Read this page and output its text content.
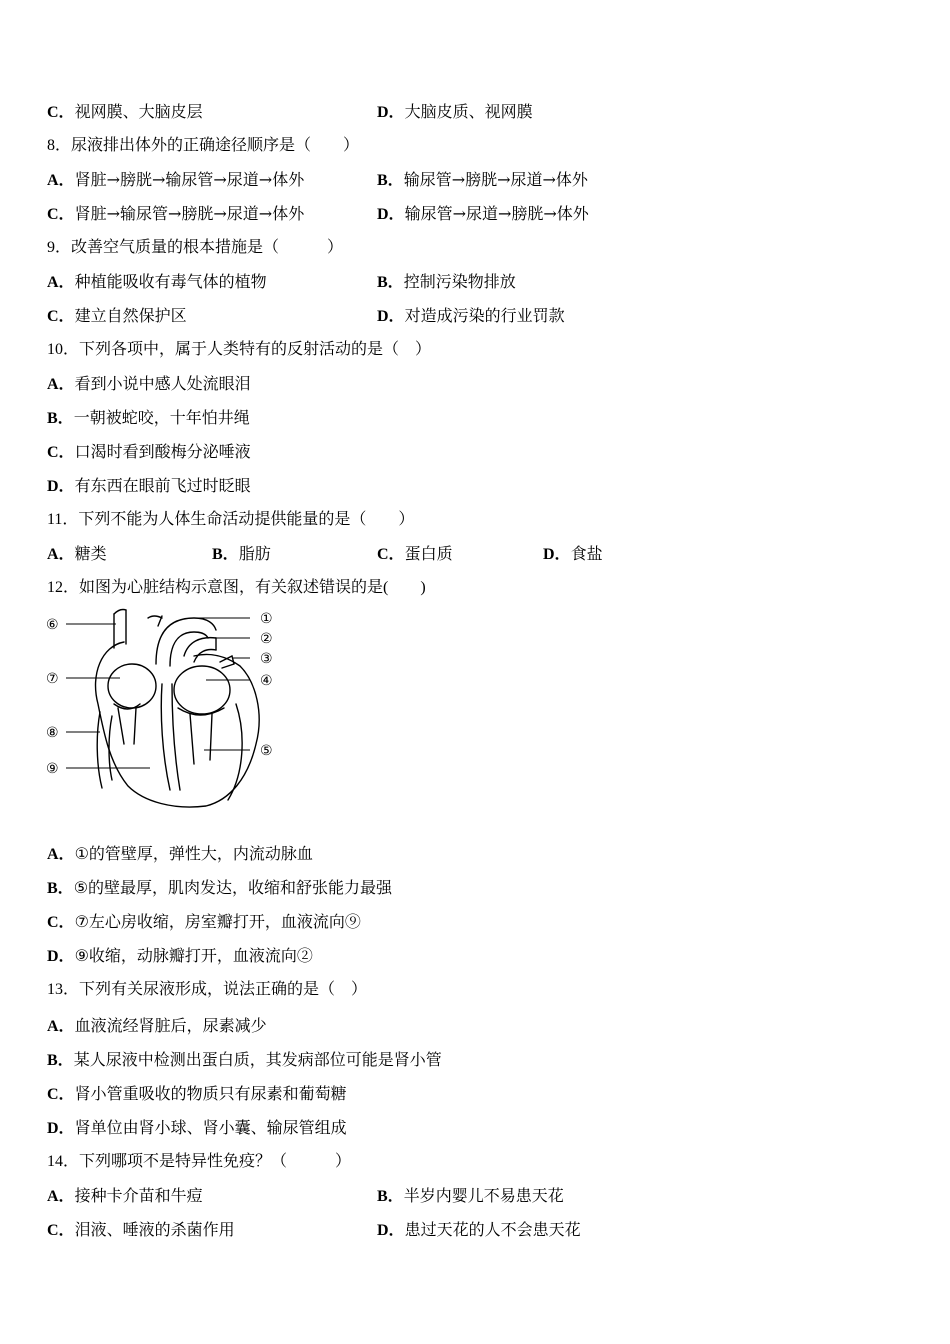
C．视网膜、大脑皮层	D．大脑皮质、视网膜
8．尿液排出体外的正确途径顺序是（　　）
A．肾脏→膀胱→输尿管→尿道→体外	B．输尿管→膀胱→尿道→体外
C．肾脏→输尿管→膀胱→尿道→体外	D．输尿管→尿道→膀胱→体外
9．改善空气质量的根本措施是（　　　）
A．种植能吸收有毒气体的植物	B．控制污染物排放
C．建立自然保护区	D．对造成污染的行业罚款
10．下列各项中，属于人类特有的反射活动的是（　）
A．看到小说中感人处流眼泪
B．一朝被蛇咬，十年怕井绳
C．口渴时看到酸梅分泌唾液
D．有东西在眼前飞过时眨眼
11．下列不能为人体生命活动提供能量的是（　　）
A．糖类	B．脂肪	C．蛋白质	D．食盐
12．如图为心脏结构示意图，有关叙述错误的是(　　)
①
②
③
④
⑤
⑥
⑦
⑧
⑨
A．①的管壁厚，弹性大，内流动脉血
B．⑤的壁最厚，肌肉发达，收缩和舒张能力最强
C．⑦左心房收缩，房室瓣打开，血液流向⑨
D．⑨收缩，动脉瓣打开，血液流向②
13．下列有关尿液形成，说法正确的是（　）
A．血液流经肾脏后，尿素减少
B．某人尿液中检测出蛋白质，其发病部位可能是肾小管
C．肾小管重吸收的物质只有尿素和葡萄糖
D．肾单位由肾小球、肾小囊、输尿管组成
14．下列哪项不是特异性免疫？（　　　）
A．接种卡介苗和牛痘	B．半岁内婴儿不易患天花
C．泪液、唾液的杀菌作用	D．患过天花的人不会患天花
